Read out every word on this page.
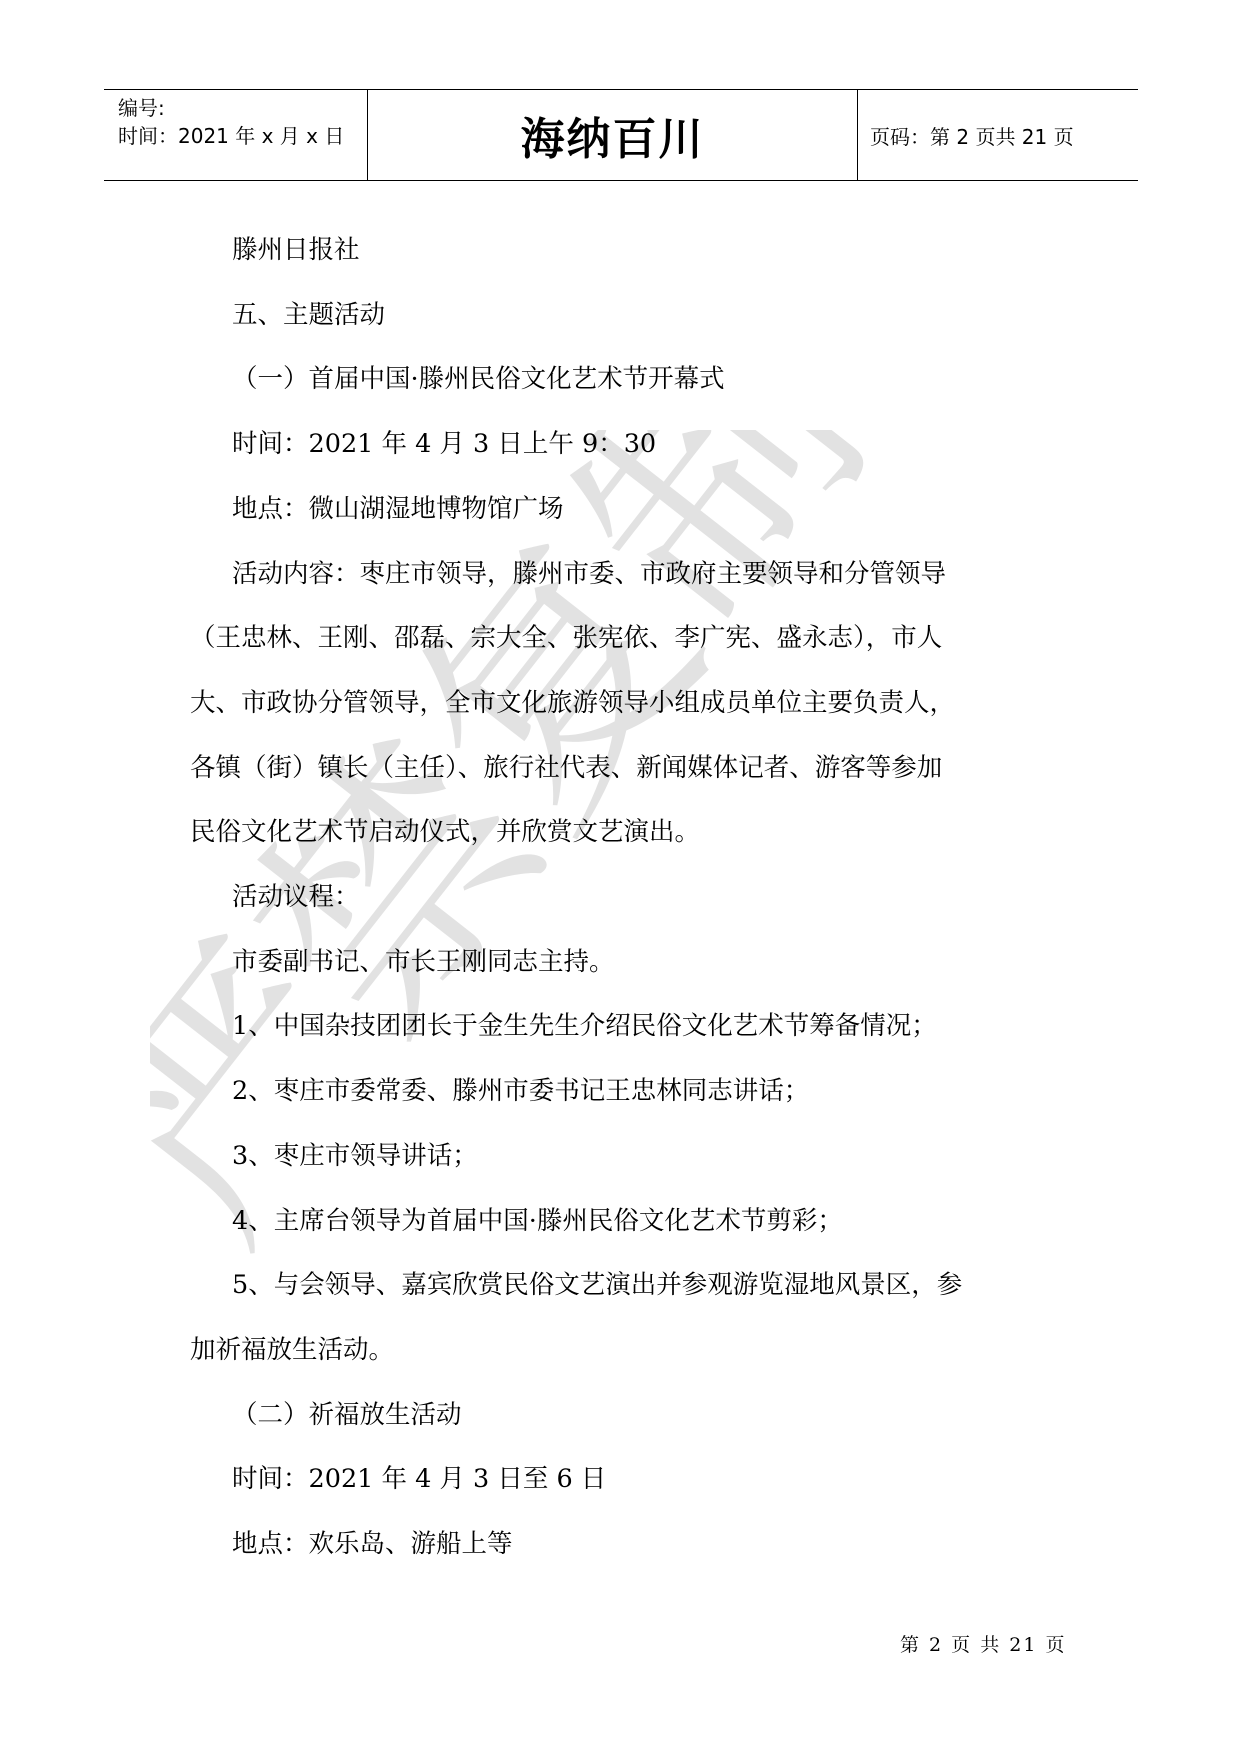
严禁复制
编号:
时间：2021 年 x 月 x 日	海纳百川	页码：第 2 页共 21 页

滕州日报社

五、主题活动

（一）首届中国·滕州民俗文化艺术节开幕式

时间：2021 年 4 月 3 日上午 9：30

地点：微山湖湿地博物馆广场

活动内容：枣庄市领导，滕州市委、市政府主要领导和分管领导

（王忠林、王刚、邵磊、宗大全、张宪依、李广宪、盛永志），市人

大、市政协分管领导，全市文化旅游领导小组成员单位主要负责人，

各镇（街）镇长（主任）、旅行社代表、新闻媒体记者、游客等参加

民俗文化艺术节启动仪式，并欣赏文艺演出。

活动议程：

市委副书记、市长王刚同志主持。

1、中国杂技团团长于金生先生介绍民俗文化艺术节筹备情况；

2、枣庄市委常委、滕州市委书记王忠林同志讲话；

3、枣庄市领导讲话；

4、主席台领导为首届中国·滕州民俗文化艺术节剪彩；

5、与会领导、嘉宾欣赏民俗文艺演出并参观游览湿地风景区，参

加祈福放生活动。

（二）祈福放生活动

时间：2021 年 4 月 3 日至 6 日

地点：欢乐岛、游船上等

第 2 页 共 21 页
